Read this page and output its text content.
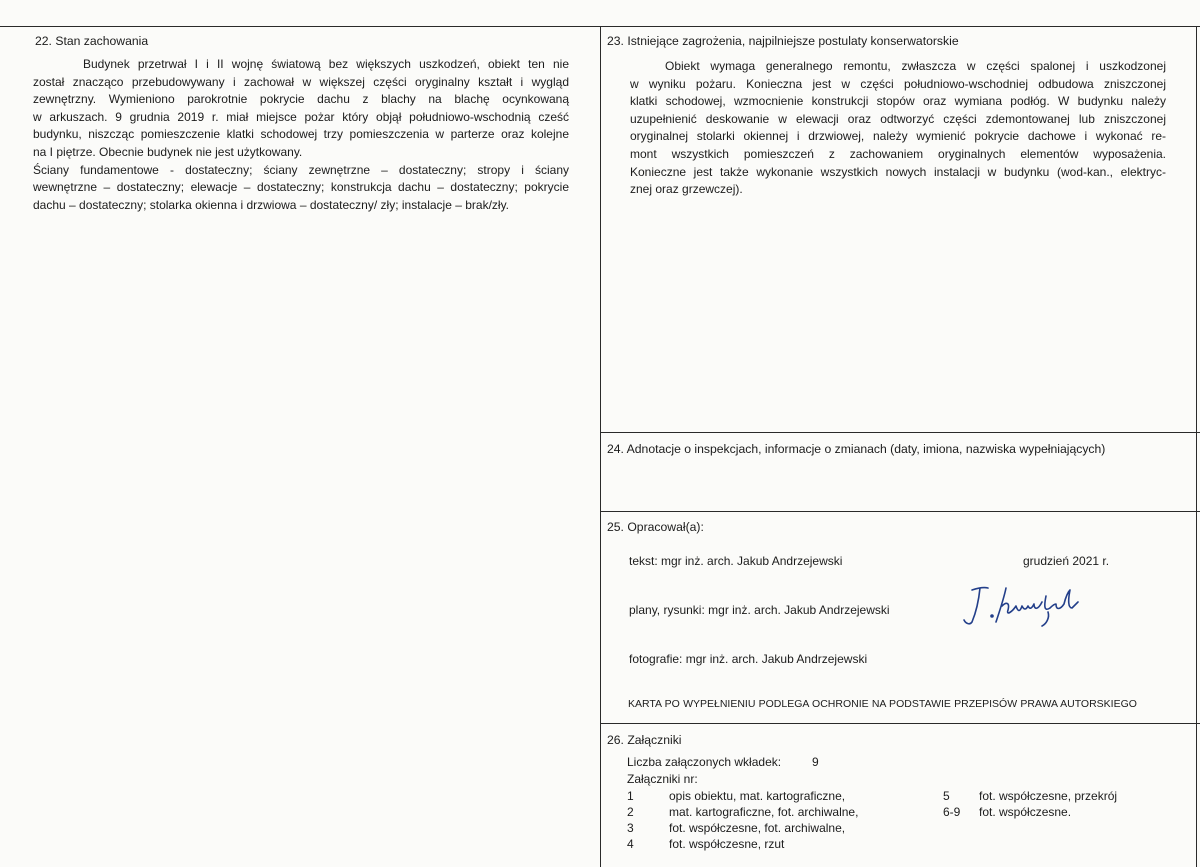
22. Stan zachowania

Budynek przetrwał I i II wojnę światową bez większych uszkodzeń, obiekt ten nie

został znacząco przebudowywany i zachował w większej części oryginalny kształt i wygląd

zewnętrzny. Wymieniono parokrotnie pokrycie dachu z blachy na blachę ocynkowaną

w arkuszach. 9 grudnia 2019 r. miał miejsce pożar który objął południowo-wschodnią cześć

budynku, niszcząc pomieszczenie klatki schodowej trzy pomieszczenia w parterze oraz kolejne

na I piętrze. Obecnie budynek nie jest użytkowany.

Ściany fundamentowe - dostateczny; ściany zewnętrzne – dostateczny; stropy i ściany

wewnętrzne – dostateczny; elewacje – dostateczny; konstrukcja dachu – dostateczny; pokrycie

dachu – dostateczny; stolarka okienna i drzwiowa – dostateczny/ zły; instalacje – brak/zły.

23. Istniejące zagrożenia, najpilniejsze postulaty konserwatorskie

Obiekt wymaga generalnego remontu, zwłaszcza w części spalonej i uszkodzonej

w wyniku pożaru. Konieczna jest w części południowo-wschodniej odbudowa zniszczonej

klatki schodowej, wzmocnienie konstrukcji stopów oraz wymiana podłóg. W budynku należy

uzupełnienić deskowanie w elewacji oraz odtworzyć części zdemontowanej lub zniszczonej

oryginalnej stolarki okiennej i drzwiowej, należy wymienić pokrycie dachowe i wykonać re-

mont wszystkich pomieszczeń z zachowaniem oryginalnych elementów wyposażenia.

Konieczne jest także wykonanie wszystkich nowych instalacji w budynku (wod-kan., elektryc-

znej oraz grzewczej).

24. Adnotacje o inspekcjach, informacje o zmianach (daty, imiona, nazwiska wypełniających)
25. Opracował(a):
tekst: mgr inż. arch. Jakub Andrzejewski	grudzień 2021 r.
plany, rysunki: mgr inż. arch. Jakub Andrzejewski
fotografie: mgr inż. arch. Jakub Andrzejewski
KARTA PO WYPEŁNIENIU PODLEGA OCHRONIE NA PODSTAWIE PRZEPISÓW PRAWA AUTORSKIEGO
26. Załączniki
Liczba załączonych wkładek:	9
Załączniki nr:
1	opis obiektu, mat. kartograficzne,
2	mat. kartograficzne, fot. archiwalne,
3	fot. współczesne, fot. archiwalne,
4	fot. współczesne, rzut
5 fot. współczesne, przekrój
6-9 fot. współczesne.
